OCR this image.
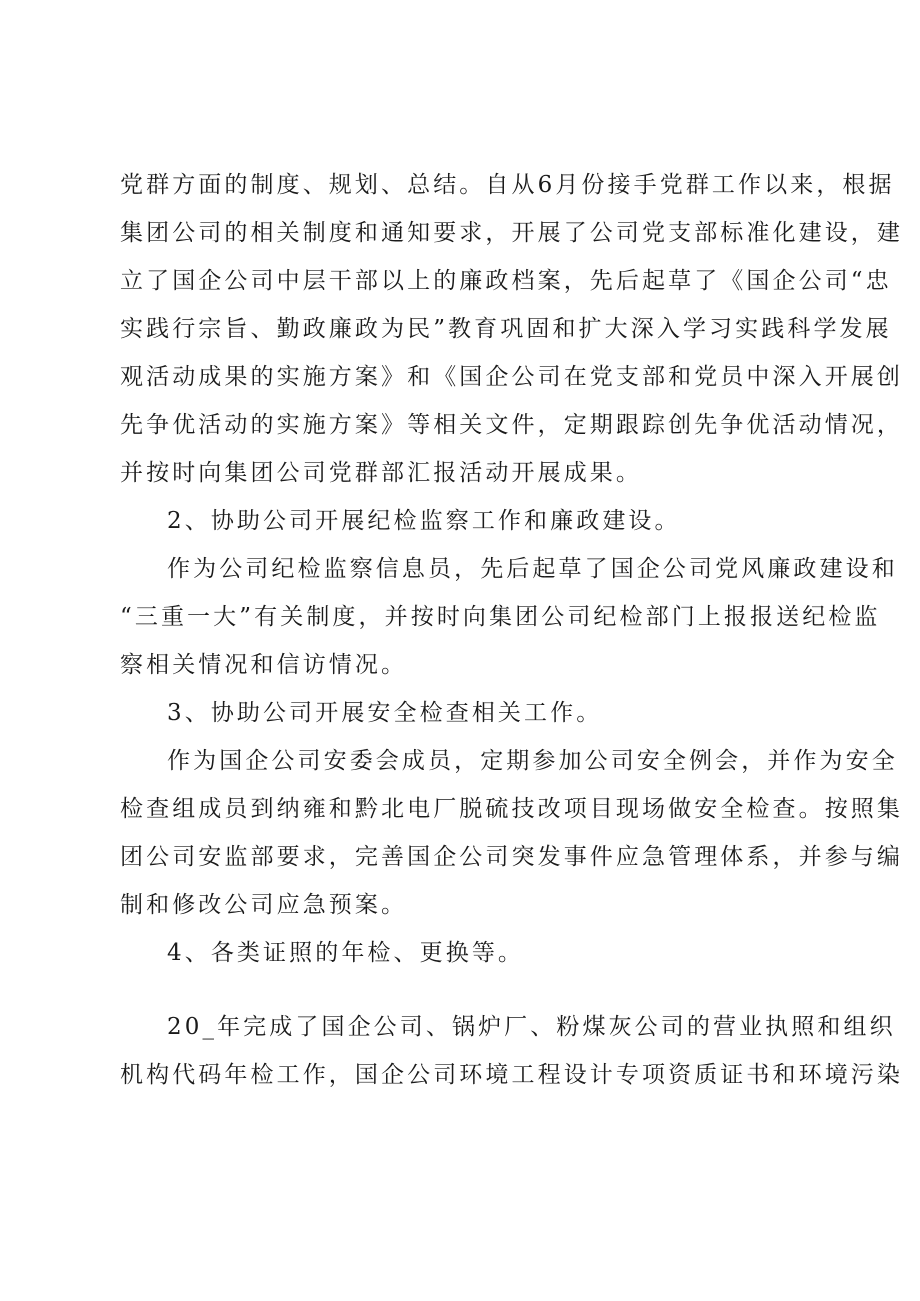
党群方面的制度、规划、总结。自从6月份接手党群工作以来，根据
集团公司的相关制度和通知要求，开展了公司党支部标准化建设，建
立了国企公司中层干部以上的廉政档案，先后起草了《国企公司“忠
实践行宗旨、勤政廉政为民”教育巩固和扩大深入学习实践科学发展
观活动成果的实施方案》和《国企公司在党支部和党员中深入开展创
先争优活动的实施方案》等相关文件，定期跟踪创先争优活动情况，
并按时向集团公司党群部汇报活动开展成果。
2、协助公司开展纪检监察工作和廉政建设。
作为公司纪检监察信息员，先后起草了国企公司党风廉政建设和
“三重一大”有关制度，并按时向集团公司纪检部门上报报送纪检监
察相关情况和信访情况。
3、协助公司开展安全检查相关工作。
作为国企公司安委会成员，定期参加公司安全例会，并作为安全
检查组成员到纳雍和黔北电厂脱硫技改项目现场做安全检查。按照集
团公司安监部要求，完善国企公司突发事件应急管理体系，并参与编
制和修改公司应急预案。
4、各类证照的年检、更换等。
20_年完成了国企公司、锅炉厂、粉煤灰公司的营业执照和组织
机构代码年检工作，国企公司环境工程设计专项资质证书和环境污染
